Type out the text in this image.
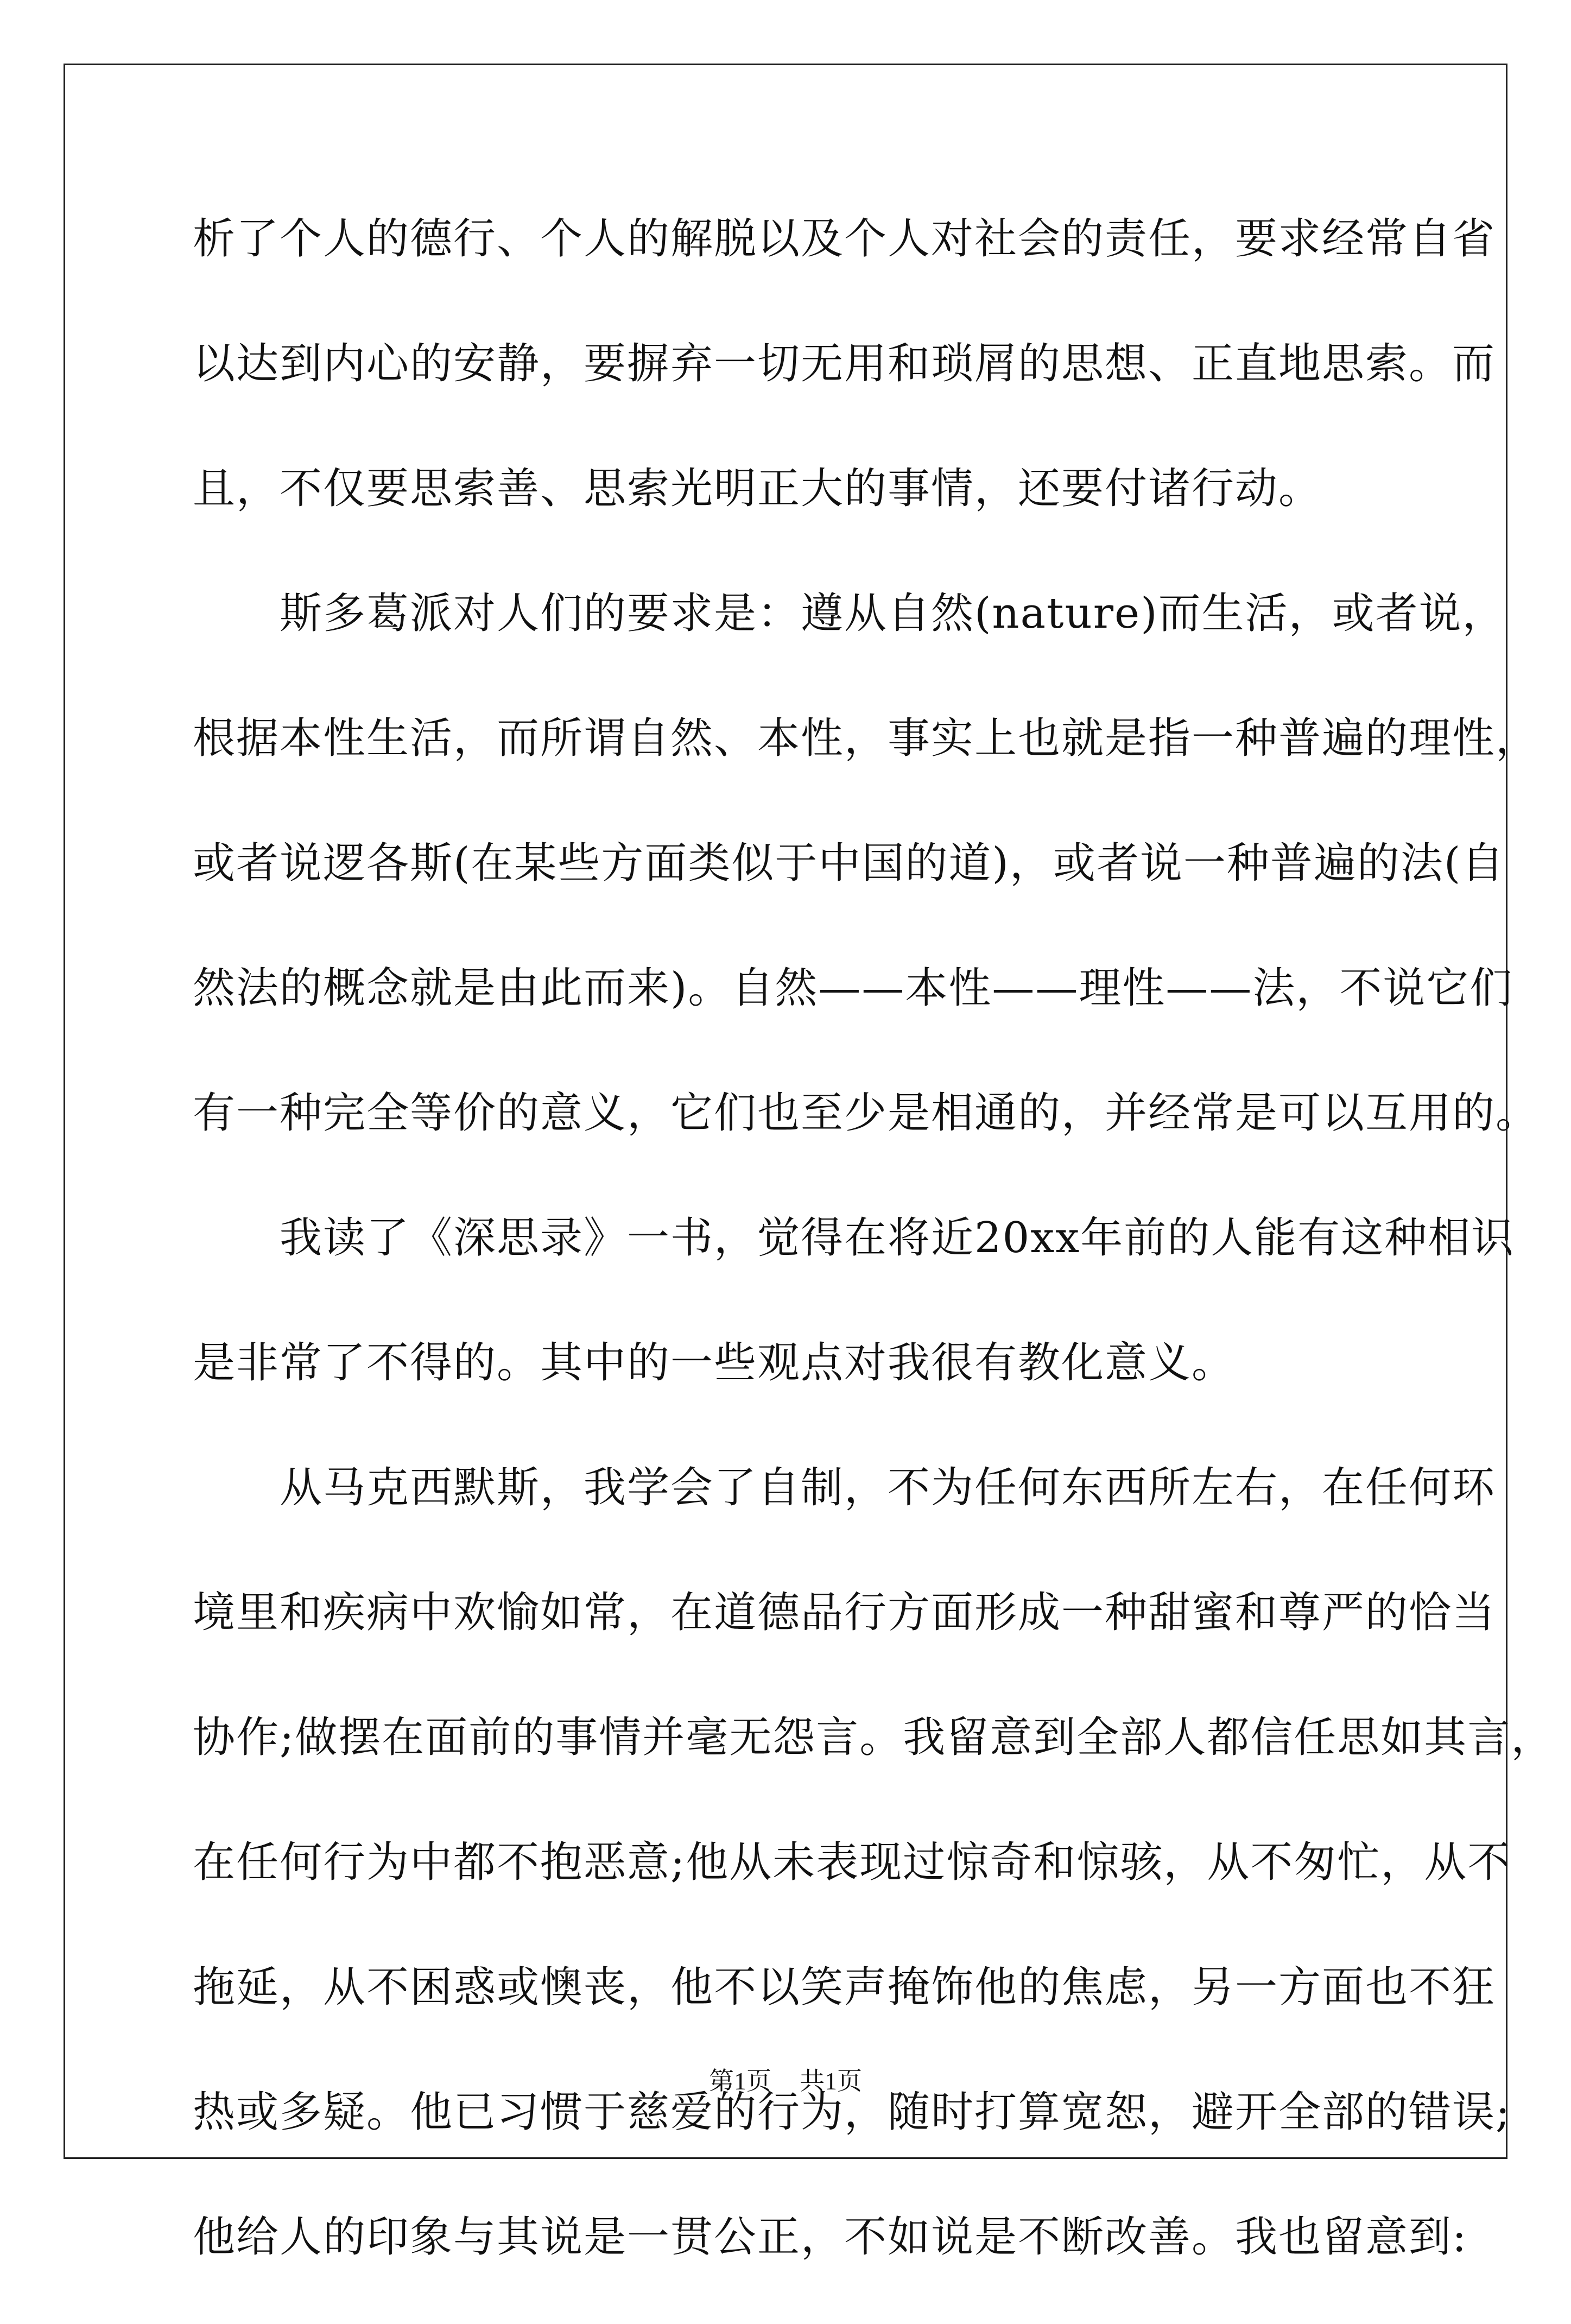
析了个人的德行、个人的解脱以及个人对社会的责任，要求经常自省
以达到内心的安静，要摒弃一切无用和琐屑的思想、正直地思索。而
且，不仅要思索善、思索光明正大的事情，还要付诸行动。
　　斯多葛派对人们的要求是：遵从自然(nature)而生活，或者说，
根据本性生活，而所谓自然、本性，事实上也就是指一种普遍的理性，
或者说逻各斯(在某些方面类似于中国的道)，或者说一种普遍的法(自
然法的概念就是由此而来)。自然——本性——理性——法，不说它们
有一种完全等价的意义，它们也至少是相通的，并经常是可以互用的。
　　我读了《深思录》一书，觉得在将近20xx年前的人能有这种相识
是非常了不得的。其中的一些观点对我很有教化意义。
　　从马克西默斯，我学会了自制，不为任何东西所左右，在任何环
境里和疾病中欢愉如常，在道德品行方面形成一种甜蜜和尊严的恰当
协作;做摆在面前的事情并毫无怨言。我留意到全部人都信任思如其言，
在任何行为中都不抱恶意;他从未表现过惊奇和惊骇，从不匆忙，从不
拖延，从不困惑或懊丧，他不以笑声掩饰他的焦虑，另一方面也不狂
热或多疑。他已习惯于慈爱的行为，随时打算宽恕，避开全部的错误;
他给人的印象与其说是一贯公正，不如说是不断改善。我也留意到:
第1页 共1页
